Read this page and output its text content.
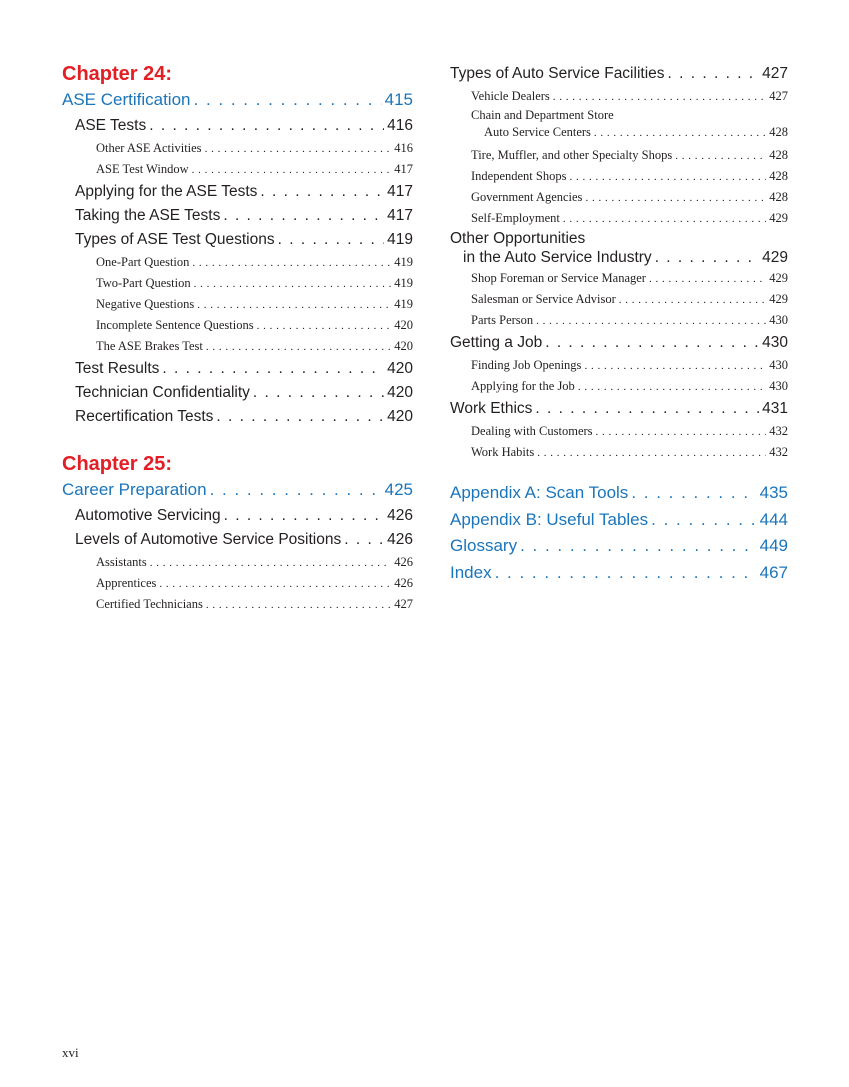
Chapter 24:
ASE Certification . . .	415
ASE Tests . . .	416
Other ASE Activities . . .	416
ASE Test Window . . .	417
Applying for the ASE Tests . . .	417
Taking the ASE Tests . . .	417
Types of ASE Test Questions . . .	419
One-Part Question . . .	419
Two-Part Question . . .	419
Negative Questions . . .	419
Incomplete Sentence Questions . . .	420
The ASE Brakes Test . . .	420
Test Results . . .	420
Technician Confidentiality . . .	420
Recertification Tests . . .	420
Chapter 25:
Career Preparation . . .	425
Automotive Servicing . . .	426
Levels of Automotive Service Positions . . .	426
Assistants . . .	426
Apprentices . . .	426
Certified Technicians . . .	427
Types of Auto Service Facilities . . .	427
Vehicle Dealers . . .	427
Chain and Department Store
Auto Service Centers . . .	428
Tire, Muffler, and other Specialty Shops . . .	428
Independent Shops . . .	428
Government Agencies . . .	428
Self-Employment . . .	429
Other Opportunities
in the Auto Service Industry . . .	429
Shop Foreman or Service Manager . . .	429
Salesman or Service Advisor . . .	429
Parts Person . . .	430
Getting a Job . . .	430
Finding Job Openings . . .	430
Applying for the Job . . .	430
Work Ethics . . .	431
Dealing with Customers . . .	432
Work Habits . . .	432
Appendix A: Scan Tools . . .	435
Appendix B: Useful Tables . . .	444
Glossary . . .	449
Index . . .	467
xvi
